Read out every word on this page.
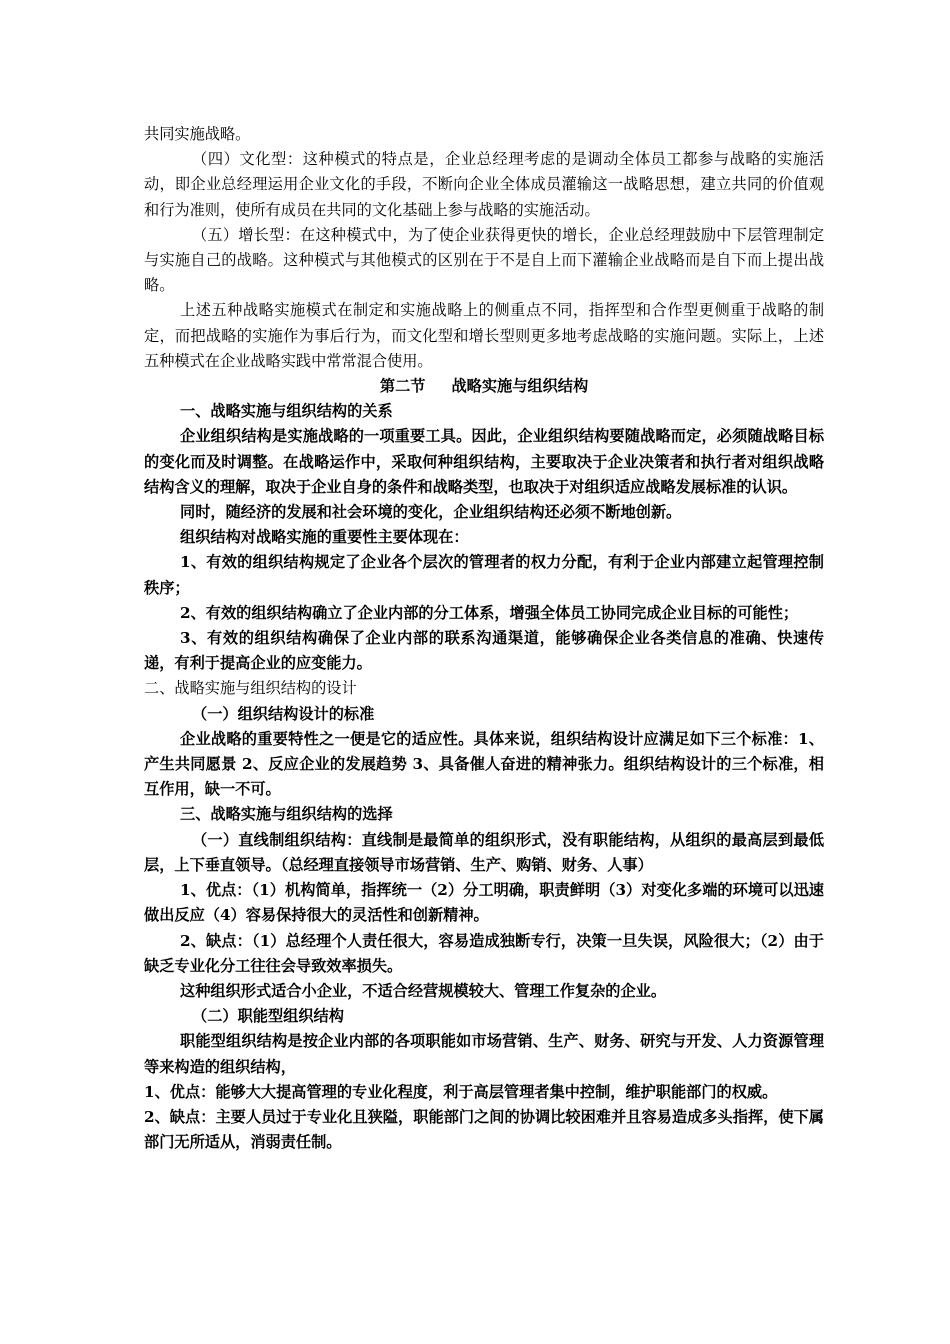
共同实施战略。

（四）文化型：这种模式的特点是，企业总经理考虑的是调动全体员工都参与战略的实施活动，即企业总经理运用企业文化的手段，不断向企业全体成员灌输这一战略思想，建立共同的价值观和行为准则，使所有成员在共同的文化基础上参与战略的实施活动。

（五）增长型：在这种模式中，为了使企业获得更快的增长，企业总经理鼓励中下层管理制定与实施自己的战略。这种模式与其他模式的区别在于不是自上而下灌输企业战略而是自下而上提出战略。

上述五种战略实施模式在制定和实施战略上的侧重点不同，指挥型和合作型更侧重于战略的制定，而把战略的实施作为事后行为，而文化型和增长型则更多地考虑战略的实施问题。实际上，上述五种模式在企业战略实践中常常混合使用。

第二节 战略实施与组织结构

一、战略实施与组织结构的关系

企业组织结构是实施战略的一项重要工具。因此，企业组织结构要随战略而定，必须随战略目标的变化而及时调整。在战略运作中，采取何种组织结构，主要取决于企业决策者和执行者对组织战略结构含义的理解，取决于企业自身的条件和战略类型，也取决于对组织适应战略发展标准的认识。

同时，随经济的发展和社会环境的变化，企业组织结构还必须不断地创新。

组织结构对战略实施的重要性主要体现在：

1、有效的组织结构规定了企业各个层次的管理者的权力分配，有利于企业内部建立起管理控制秩序；

2、有效的组织结构确立了企业内部的分工体系，增强全体员工协同完成企业目标的可能性；

3、有效的组织结构确保了企业内部的联系沟通渠道，能够确保企业各类信息的准确、快速传递，有利于提高企业的应变能力。

二、战略实施与组织结构的设计

（一）组织结构设计的标准

企业战略的重要特性之一便是它的适应性。具体来说，组织结构设计应满足如下三个标准：1、产生共同愿景 2、反应企业的发展趋势 3、具备催人奋进的精神张力。组织结构设计的三个标准，相互作用，缺一不可。

三、战略实施与组织结构的选择

（一）直线制组织结构：直线制是最简单的组织形式，没有职能结构，从组织的最高层到最低层，上下垂直领导。（总经理直接领导市场营销、生产、购销、财务、人事）

1、优点：（1）机构简单，指挥统一（2）分工明确，职责鲜明（3）对变化多端的环境可以迅速做出反应（4）容易保持很大的灵活性和创新精神。

2、缺点：（1）总经理个人责任很大，容易造成独断专行，决策一旦失误，风险很大；（2）由于缺乏专业化分工往往会导致效率损失。

这种组织形式适合小企业，不适合经营规模较大、管理工作复杂的企业。

（二）职能型组织结构

职能型组织结构是按企业内部的各项职能如市场营销、生产、财务、研究与开发、人力资源管理等来构造的组织结构，

1、优点：能够大大提高管理的专业化程度，利于高层管理者集中控制，维护职能部门的权威。

2、缺点：主要人员过于专业化且狭隘，职能部门之间的协调比较困难并且容易造成多头指挥，使下属部门无所适从，消弱责任制。
